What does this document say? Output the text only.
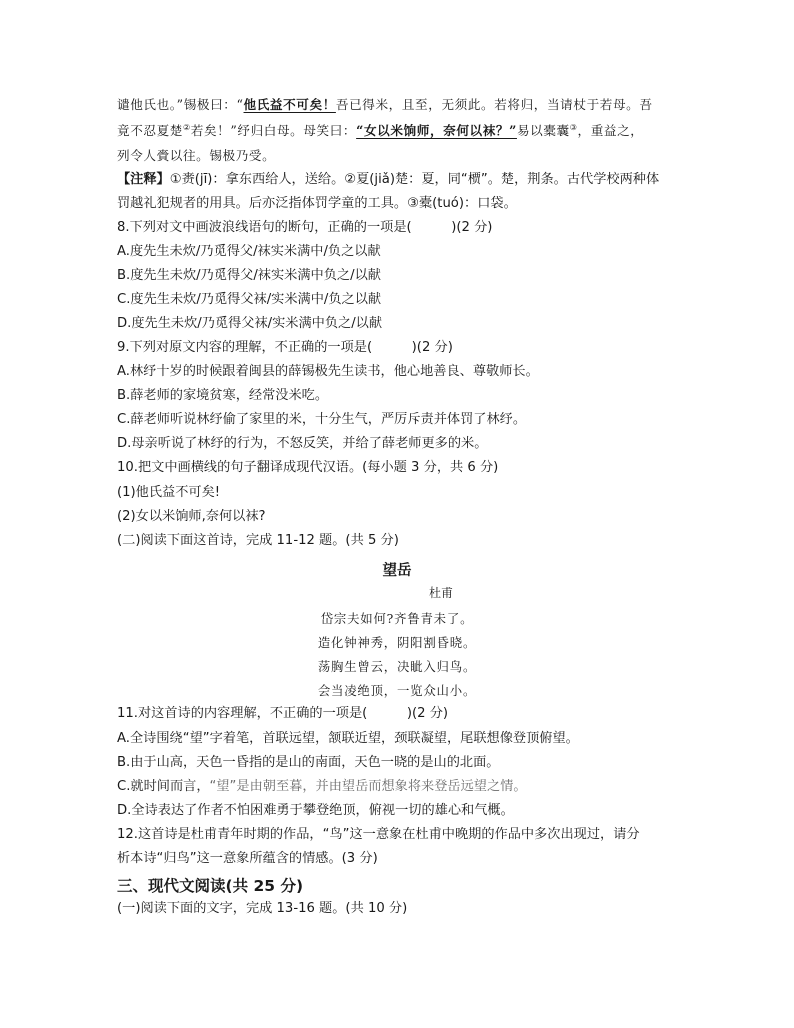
谴他氏也。”锡极曰：“他氏益不可矣！吾已得米，且至，无须此。若将归，当请杖于若母。吾
竟不忍夏楚②若矣！”纾归白母。母笑曰：“女以米饷师，奈何以袜？”易以橐囊③，重益之，
列令人賫以往。锡极乃受。
【注释】①赉(jī)：拿东西给人，送给。②夏(jiǎ)楚：夏，同“槚”。楚，荆条。古代学校两种体
罚越礼犯规者的用具。后亦泛指体罚学童的工具。③橐(tuó)：口袋。
8.下列对文中画波浪线语句的断句，正确的一项是(　　　)(2 分)
A.度先生未炊/乃觅得父/袜实米满中/负之以献
B.度先生未炊/乃觅得父/袜实米满中负之/以献
C.度先生未炊/乃觅得父袜/实米满中/负之以献
D.度先生未炊/乃觅得父袜/实米满中负之/以献
9.下列对原文内容的理解，不正确的一项是(　　　)(2 分)
A.林纾十岁的时候跟着闽县的薛锡极先生读书，他心地善良、尊敬师长。
B.薛老师的家境贫寒，经常没米吃。
C.薛老师听说林纾偷了家里的米，十分生气，严厉斥责并体罚了林纾。
D.母亲听说了林纾的行为，不怒反笑，并给了薛老师更多的米。
10.把文中画横线的句子翻译成现代汉语。(每小题 3 分，共 6 分)
(1)他氏益不可矣!
(2)女以米饷师,奈何以袜?
(二)阅读下面这首诗，完成 11-12 题。(共 5 分)
望岳
杜甫
岱宗夫如何?齐鲁青未了。
造化钟神秀，阴阳割昏晓。
荡胸生曾云，决眦入归鸟。
会当凌绝顶，一览众山小。
11.对这首诗的内容理解，不正确的一项是(　　　)(2 分)
A.全诗围绕“望”字着笔，首联远望，颔联近望，颈联凝望，尾联想像登顶俯望。
B.由于山高，天色一昏指的是山的南面，天色一晓的是山的北面。
C.就时间而言，“望”是由朝至暮，并由望岳而想象将来登岳远望之情。
D.全诗表达了作者不怕困难勇于攀登绝顶，俯视一切的雄心和气概。
12.这首诗是杜甫青年时期的作品，“鸟”这一意象在杜甫中晚期的作品中多次出现过，请分
析本诗“归鸟”这一意象所蕴含的情感。(3 分)
三、现代文阅读(共 25 分)
(一)阅读下面的文字，完成 13-16 题。(共 10 分)
